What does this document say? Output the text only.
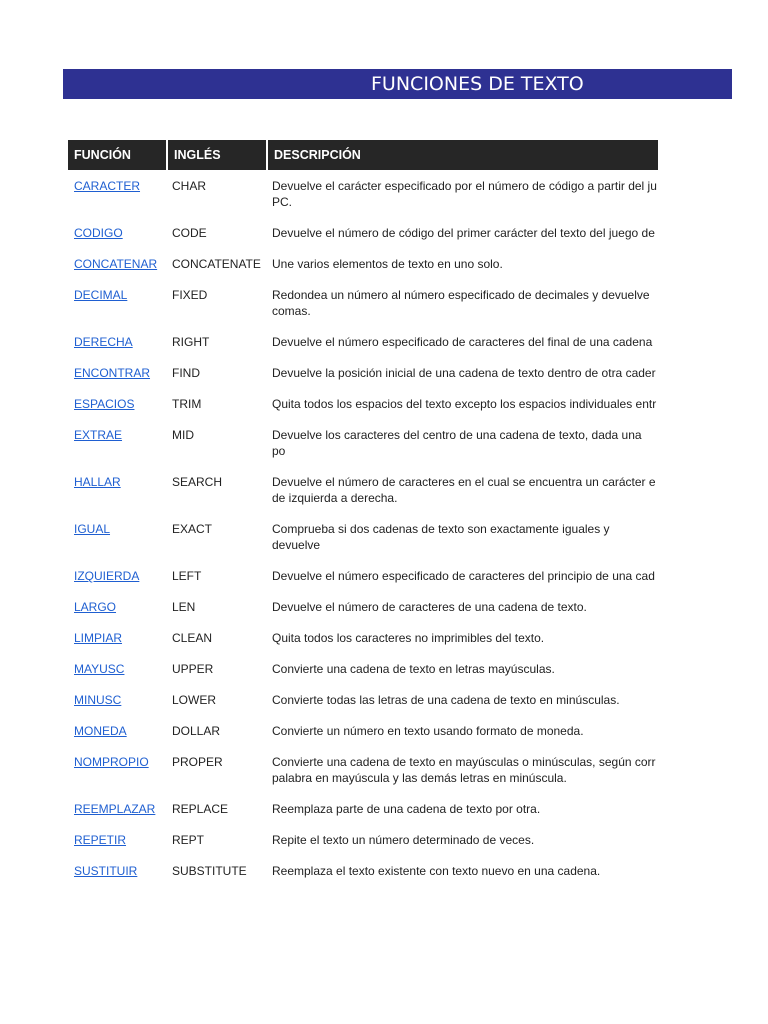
FUNCIONES DE TEXTO
FUNCIÓN	INGLÉS	DESCRIPCIÓN
CARACTER	CHAR	Devuelve el carácter especificado por el número de código a partir del ju PC.
CODIGO	CODE	Devuelve el número de código del primer carácter del texto del juego de
CONCATENAR	CONCATENATE Une varios elementos de texto en uno solo.
DECIMAL	FIXED	Redondea un número al número especificado de decimales y devuelve comas.
DERECHA	RIGHT	Devuelve el número especificado de caracteres del final de una cadena
ENCONTRAR	FIND	Devuelve la posición inicial de una cadena de texto dentro de otra cader
ESPACIOS	TRIM	Quita todos los espacios del texto excepto los espacios individuales entr
EXTRAE	MID	Devuelve los caracteres del centro de una cadena de texto, dada una po
HALLAR	SEARCH	Devuelve el número de caracteres en el cual se encuentra un carácter e de izquierda a derecha.
IGUAL	EXACT	Comprueba si dos cadenas de texto son exactamente iguales y devuelve
IZQUIERDA	LEFT	Devuelve el número especificado de caracteres del principio de una cad
LARGO	LEN	Devuelve el número de caracteres de una cadena de texto.
LIMPIAR	CLEAN	Quita todos los caracteres no imprimibles del texto.
MAYUSC	UPPER	Convierte una cadena de texto en letras mayúsculas.
MINUSC	LOWER	Convierte todas las letras de una cadena de texto en minúsculas.
MONEDA	DOLLAR	Convierte un número en texto usando formato de moneda.
NOMPROPIO	PROPER	Convierte una cadena de texto en mayúsculas o minúsculas, según corr palabra en mayúscula y las demás letras en minúscula.
REEMPLAZAR	REPLACE	Reemplaza parte de una cadena de texto por otra.
REPETIR	REPT	Repite el texto un número determinado de veces.
SUSTITUIR	SUBSTITUTE	Reemplaza el texto existente con texto nuevo en una cadena.
